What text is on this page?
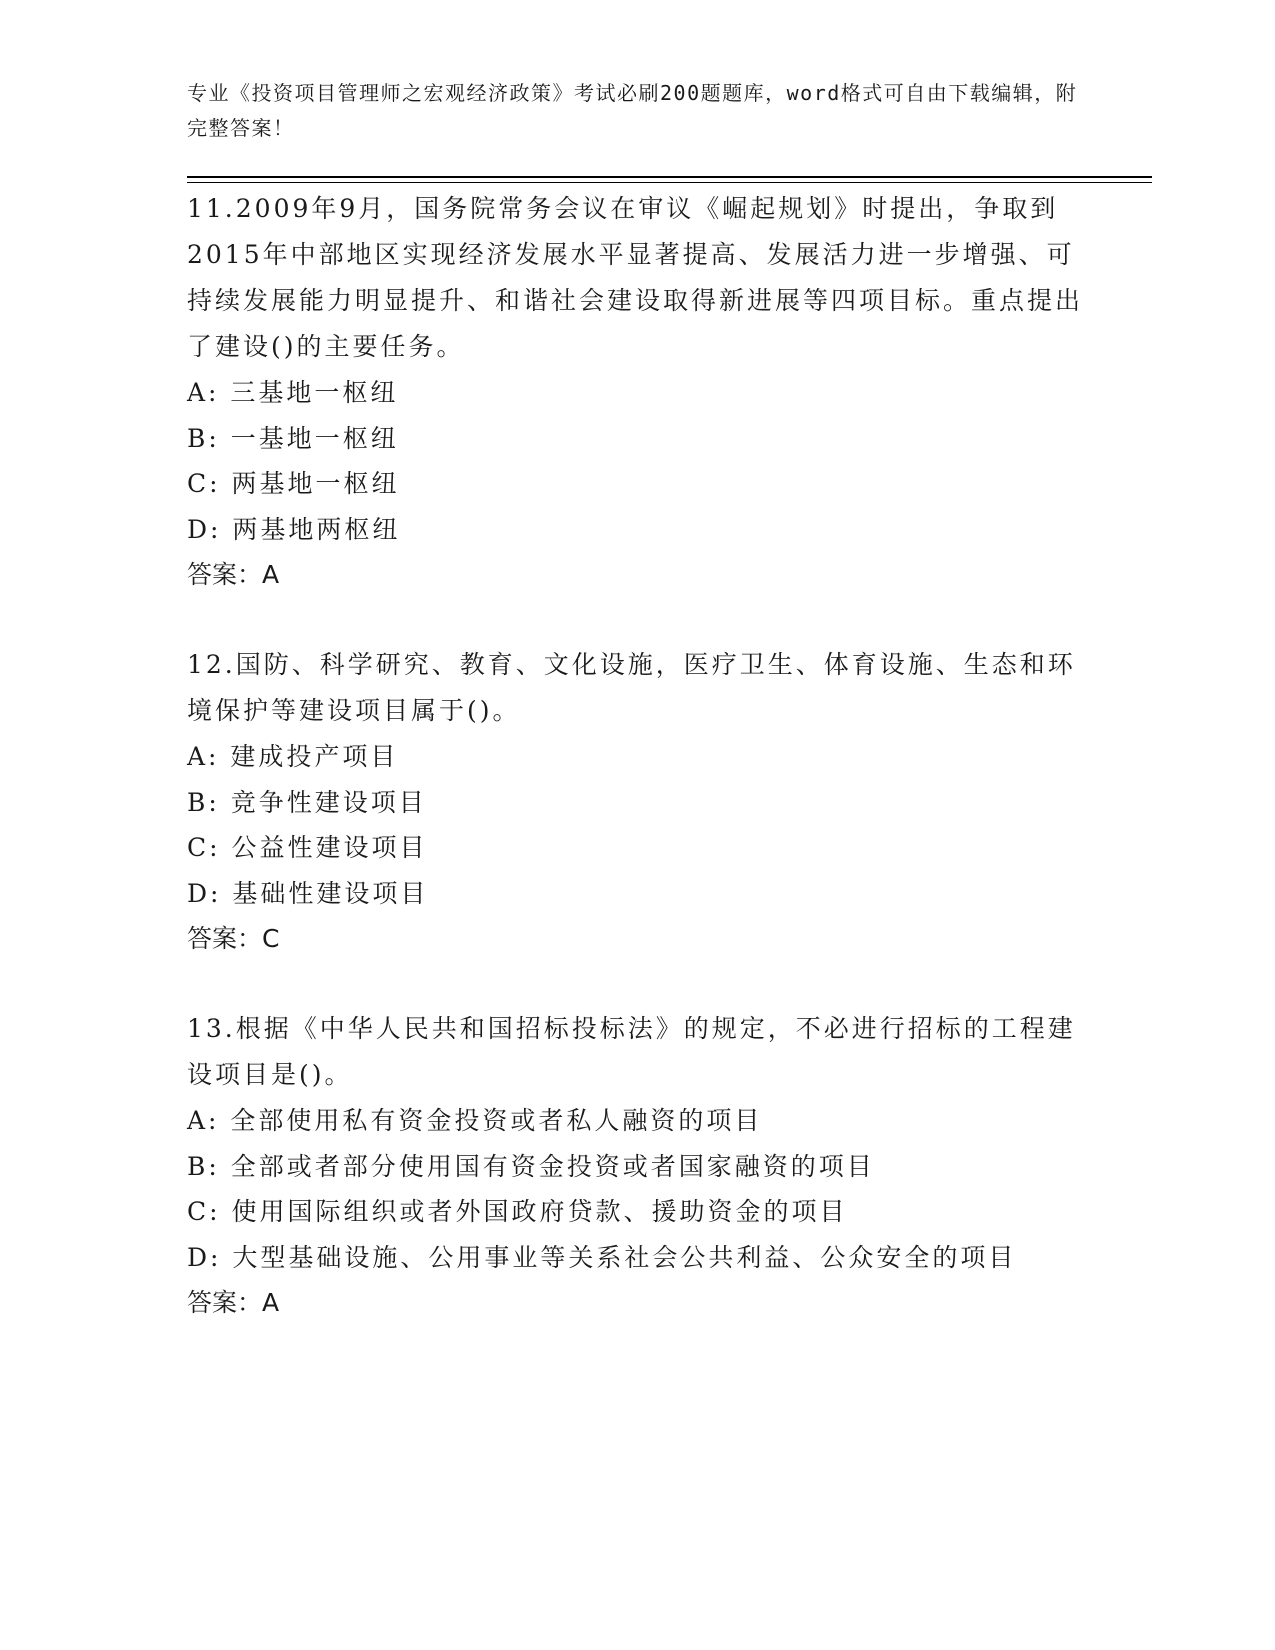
专业《投资项目管理师之宏观经济政策》考试必刷200题题库，word格式可自由下载编辑，附完整答案！

11.2009年9月，国务院常务会议在审议《崛起规划》时提出，争取到2015年中部地区实现经济发展水平显著提高、发展活力进一步增强、可持续发展能力明显提升、和谐社会建设取得新进展等四项目标。重点提出了建设()的主要任务。

A: 三基地一枢纽

B: 一基地一枢纽

C: 两基地一枢纽

D: 两基地两枢纽

答案：A

12.国防、科学研究、教育、文化设施，医疗卫生、体育设施、生态和环境保护等建设项目属于()。

A: 建成投产项目

B: 竞争性建设项目

C: 公益性建设项目

D: 基础性建设项目

答案：C

13.根据《中华人民共和国招标投标法》的规定，不必进行招标的工程建设项目是()。

A: 全部使用私有资金投资或者私人融资的项目

B: 全部或者部分使用国有资金投资或者国家融资的项目

C: 使用国际组织或者外国政府贷款、援助资金的项目

D: 大型基础设施、公用事业等关系社会公共利益、公众安全的项目

答案：A
